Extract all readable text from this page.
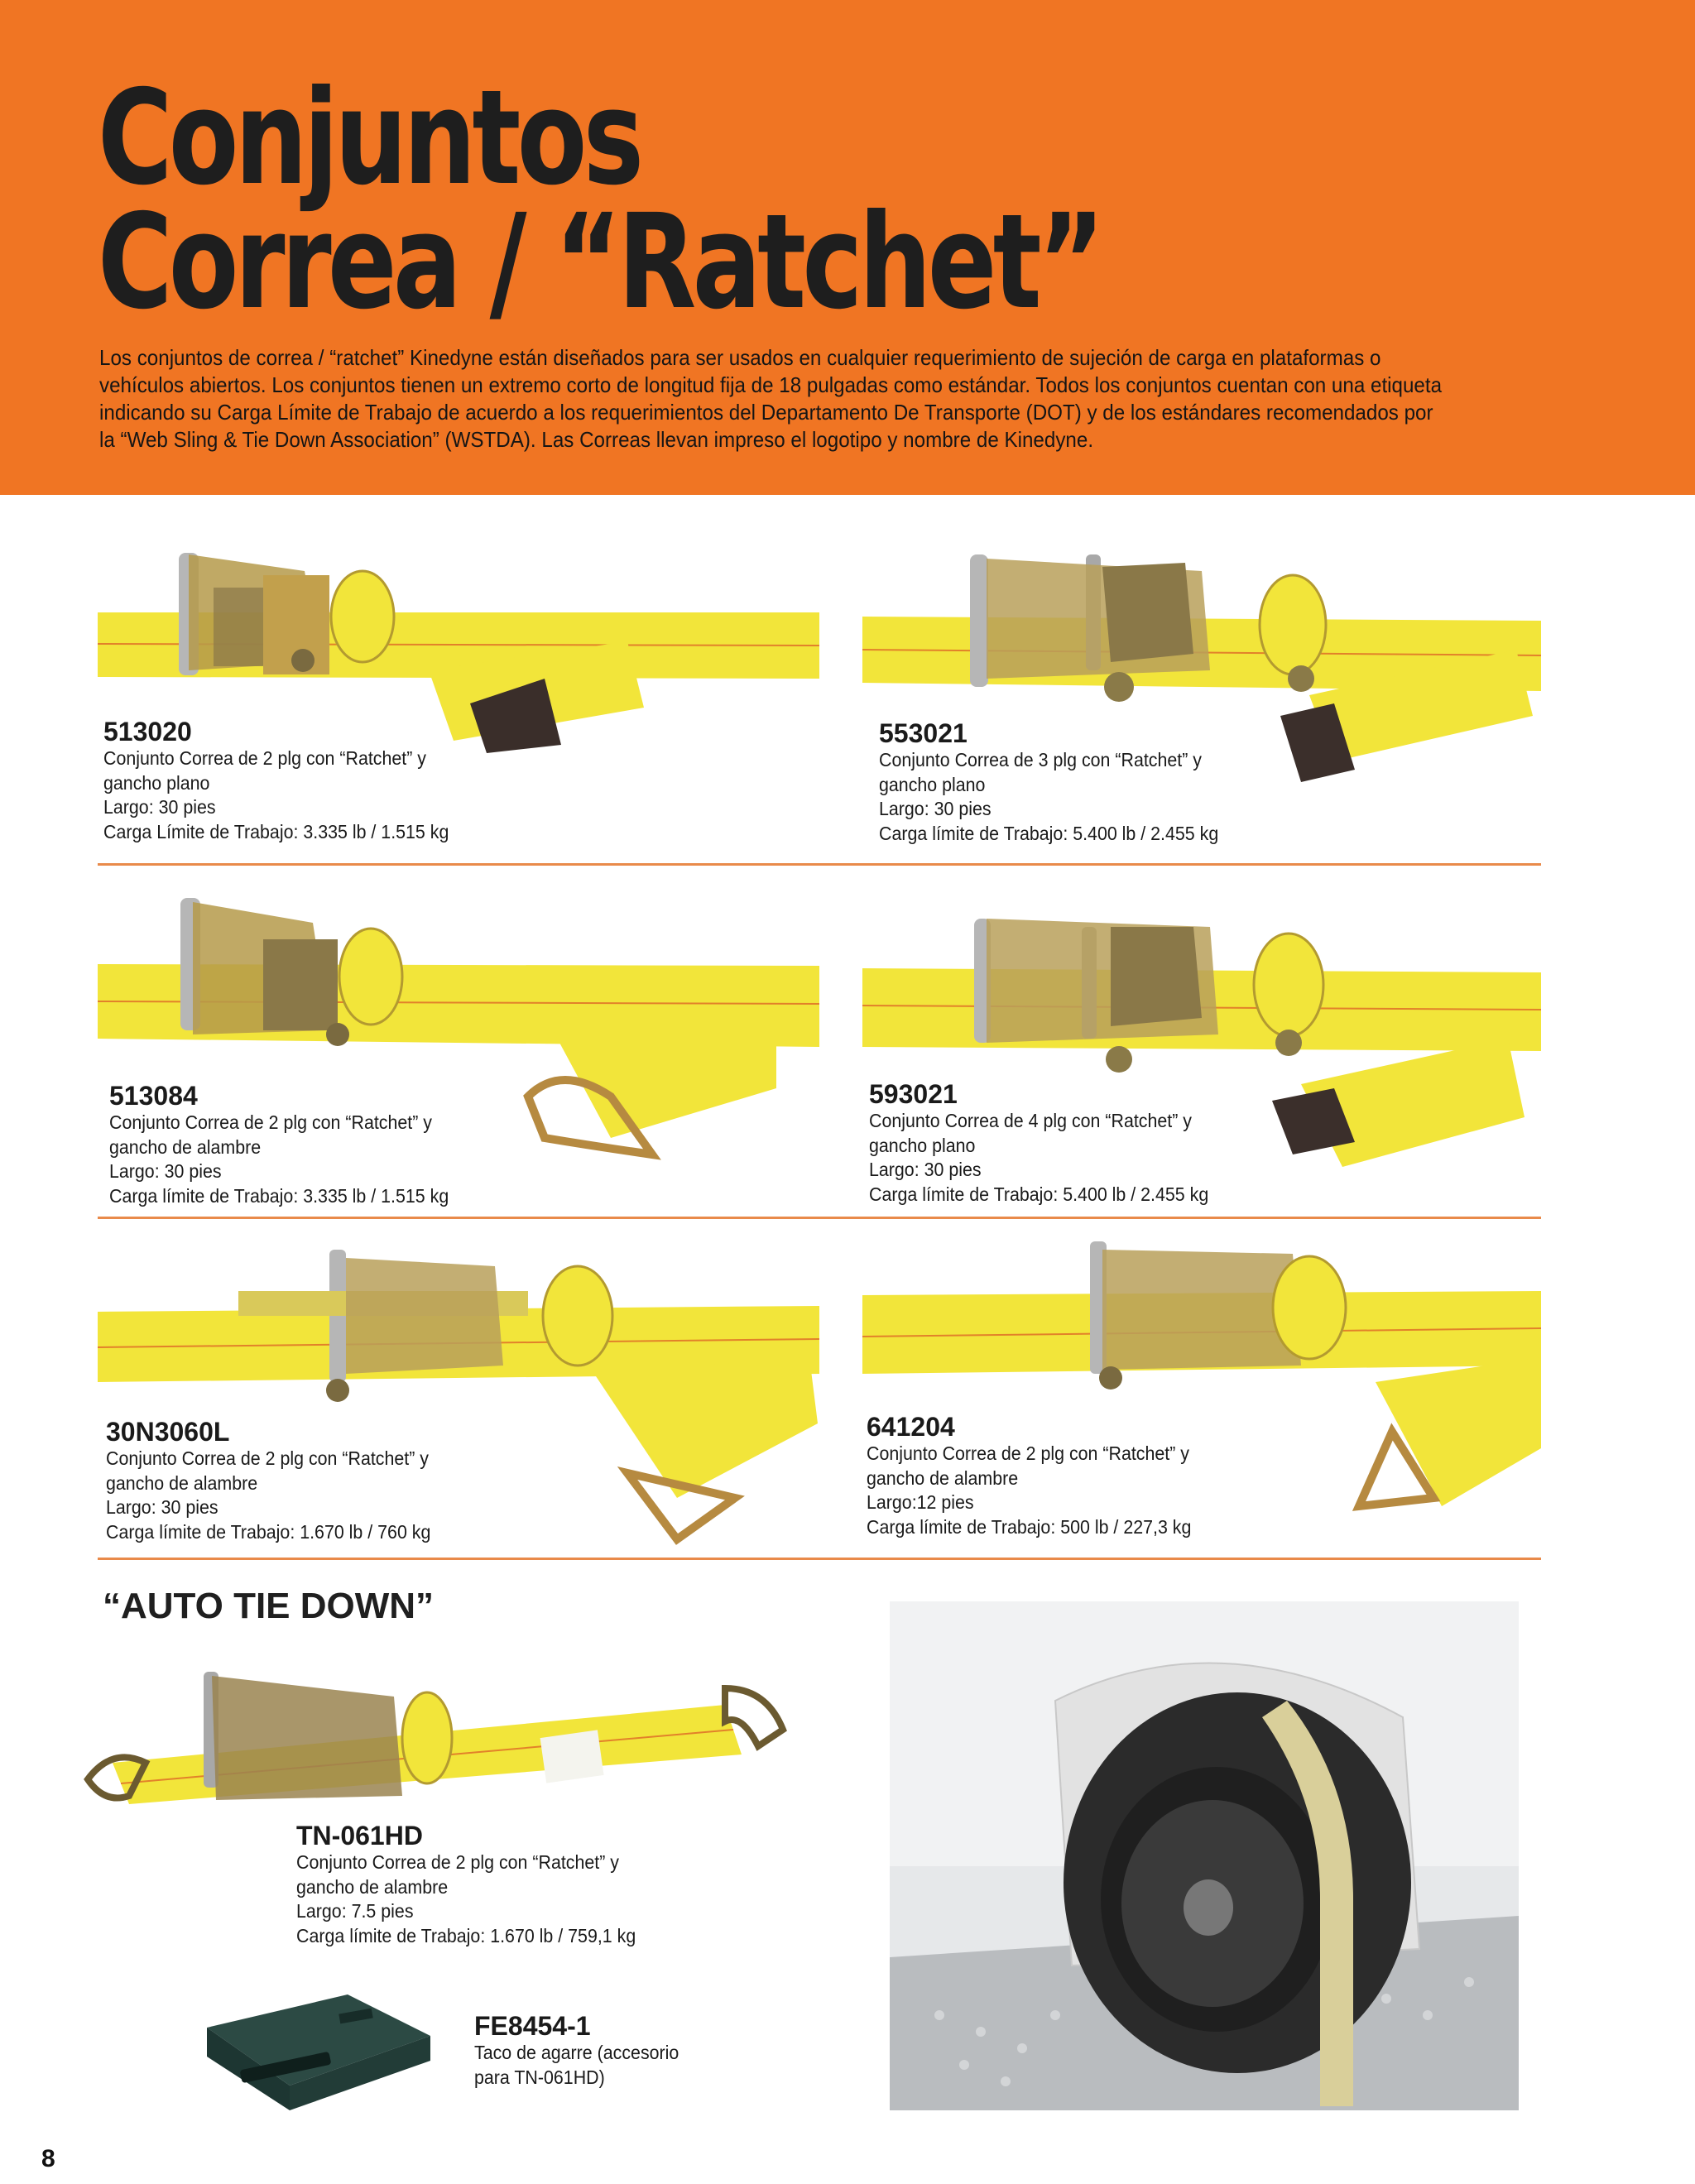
Conjuntos
Correa / “Ratchet”

Los conjuntos de correa / “ratchet” Kinedyne están diseñados para ser usados en cualquier requerimiento de sujeción de carga en plataformas o vehículos abiertos. Los conjuntos tienen un extremo corto de longitud fija de 18 pulgadas como estándar. Todos los conjuntos cuentan con una etiqueta indicando su Carga Límite de Trabajo de acuerdo a los requerimientos del Departamento De Transporte (DOT) y de los estándares recomendados por la “Web Sling & Tie Down Association” (WSTDA). Las Correas llevan impreso el logotipo y nombre de Kinedyne.

513020
Conjunto Correa de 2 plg con “Ratchet” y
gancho plano
Largo: 30 pies
Carga Límite de Trabajo: 3.335 lb / 1.515 kg
553021
Conjunto Correa de 3 plg con “Ratchet” y
gancho plano
Largo: 30 pies
Carga límite de Trabajo: 5.400 lb / 2.455 kg
513084
Conjunto Correa de 2 plg con “Ratchet” y
gancho de alambre
Largo: 30 pies
Carga límite de Trabajo: 3.335 lb / 1.515 kg
593021
Conjunto Correa de 4 plg con “Ratchet” y
gancho plano
Largo: 30 pies
Carga límite de Trabajo: 5.400 lb / 2.455 kg
30N3060L
Conjunto Correa de 2 plg con “Ratchet” y
gancho de alambre
Largo: 30 pies
Carga límite de Trabajo: 1.670 lb / 760 kg
641204
Conjunto Correa de 2 plg con “Ratchet” y
gancho de alambre
Largo:12 pies
Carga límite de Trabajo: 500 lb / 227,3 kg
“AUTO TIE DOWN”
TN-061HD
Conjunto Correa de 2 plg con “Ratchet” y
gancho de alambre
Largo: 7.5 pies
Carga límite de Trabajo: 1.670 lb / 759,1 kg
FE8454-1
Taco de agarre (accesorio
para TN-061HD)
8
